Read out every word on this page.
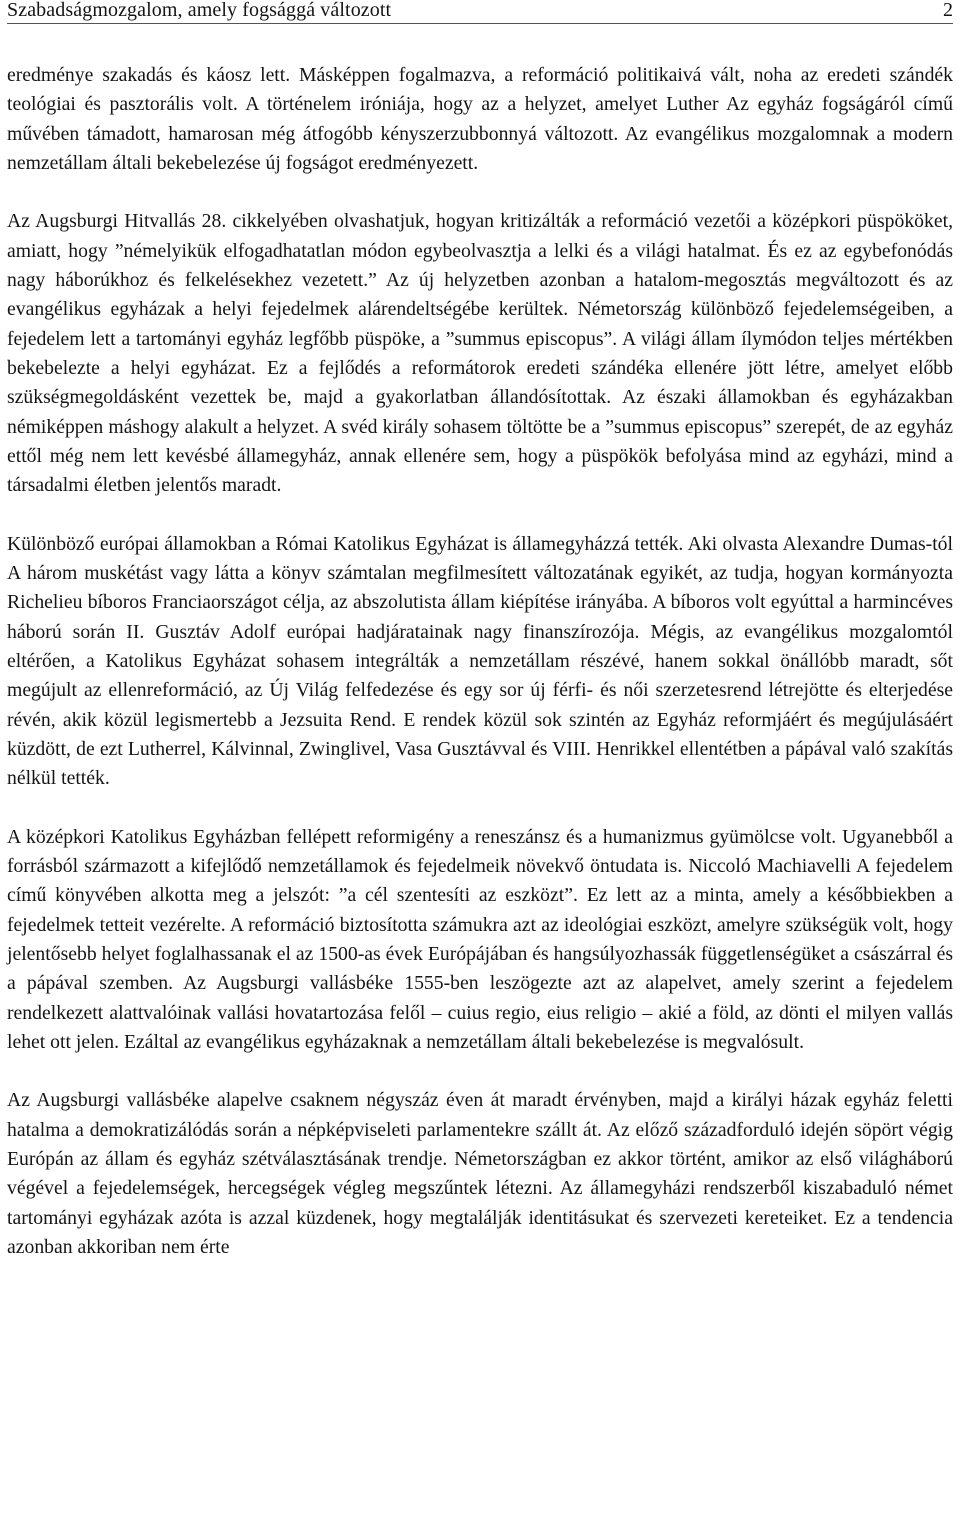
Szabadságmozgalom, amely fogsággá változott	2

eredménye szakadás és káosz lett. Másképpen fogalmazva, a reformáció politikaivá vált, noha az eredeti szándék teológiai és pasztorális volt. A történelem iróniája, hogy az a helyzet, amelyet Luther Az egyház fogságáról című művében támadott, hamarosan még átfogóbb kényszerzubbonnyá változott. Az evangélikus mozgalomnak a modern nemzetállam általi bekebelezése új fogságot eredményezett.

Az Augsburgi Hitvallás 28. cikkelyében olvashatjuk, hogyan kritizálták a reformáció vezetői a középkori püspököket, amiatt, hogy ”némelyikük elfogadhatatlan módon egybeolvasztja a lelki és a világi hatalmat. És ez az egybefonódás nagy háborúkhoz és felkelésekhez vezetett.” Az új helyzetben azonban a hatalom-megosztás megváltozott és az evangélikus egyházak a helyi fejedelmek alárendeltségébe kerültek. Németország különböző fejedelemségeiben, a fejedelem lett a tartományi egyház legfőbb püspöke, a ”summus episcopus”. A világi állam ílymódon teljes mértékben bekebelezte a helyi egyházat. Ez a fejlődés a reformátorok eredeti szándéka ellenére jött létre, amelyet előbb szükségmegoldásként vezettek be, majd a gyakorlatban állandósítottak. Az északi államokban és egyházakban némiképpen máshogy alakult a helyzet. A svéd király sohasem töltötte be a ”summus episcopus” szerepét, de az egyház ettől még nem lett kevésbé államegyház, annak ellenére sem, hogy a püspökök befolyása mind az egyházi, mind a társadalmi életben jelentős maradt.

Különböző európai államokban a Római Katolikus Egyházat is államegyházzá tették. Aki olvasta Alexandre Dumas-tól A három muskétást vagy látta a könyv számtalan megfilmesített változatának egyikét, az tudja, hogyan kormányozta Richelieu bíboros Franciaországot célja, az abszolutista állam kiépítése irányába. A bíboros volt egyúttal a harmincéves háború során II. Gusztáv Adolf európai hadjáratainak nagy finanszírozója. Mégis, az evangélikus mozgalomtól eltérően, a Katolikus Egyházat sohasem integrálták a nemzetállam részévé, hanem sokkal önállóbb maradt, sőt megújult az ellenreformáció, az Új Világ felfedezése és egy sor új férfi- és női szerzetesrend létrejötte és elterjedése révén, akik közül legismertebb a Jezsuita Rend. E rendek közül sok szintén az Egyház reformjáért és megújulásáért küzdött, de ezt Lutherrel, Kálvinnal, Zwinglivel, Vasa Gusztávval és VIII. Henrikkel ellentétben a pápával való szakítás nélkül tették.

A középkori Katolikus Egyházban fellépett reformigény a reneszánsz és a humanizmus gyümölcse volt. Ugyanebből a forrásból származott a kifejlődő nemzetállamok és fejedelmeik növekvő öntudata is. Niccoló Machiavelli A fejedelem című könyvében alkotta meg a jelszót: ”a cél szentesíti az eszközt”. Ez lett az a minta, amely a későbbiekben a fejedelmek tetteit vezérelte. A reformáció biztosította számukra azt az ideológiai eszközt, amelyre szükségük volt, hogy jelentősebb helyet foglalhassanak el az 1500-as évek Európájában és hangsúlyozhassák függetlenségüket a császárral és a pápával szemben. Az Augsburgi vallásbéke 1555-ben leszögezte azt az alapelvet, amely szerint a fejedelem rendelkezett alattvalóinak vallási hovatartozása felől – cuius regio, eius religio – akié a föld, az dönti el milyen vallás lehet ott jelen. Ezáltal az evangélikus egyházaknak a nemzetállam általi bekebelezése is megvalósult.

Az Augsburgi vallásbéke alapelve csaknem négyszáz éven át maradt érvényben, majd a királyi házak egyház feletti hatalma a demokratizálódás során a népképviseleti parlamentekre szállt át. Az előző századforduló idején söpört végig Európán az állam és egyház szétválasztásának trendje. Németországban ez akkor történt, amikor az első világháború végével a fejedelemségek, hercegségek végleg megszűntek létezni. Az államegyházi rendszerből kiszabaduló német tartományi egyházak azóta is azzal küzdenek, hogy megtalálják identitásukat és szervezeti kereteiket. Ez a tendencia azonban akkoriban nem érte
